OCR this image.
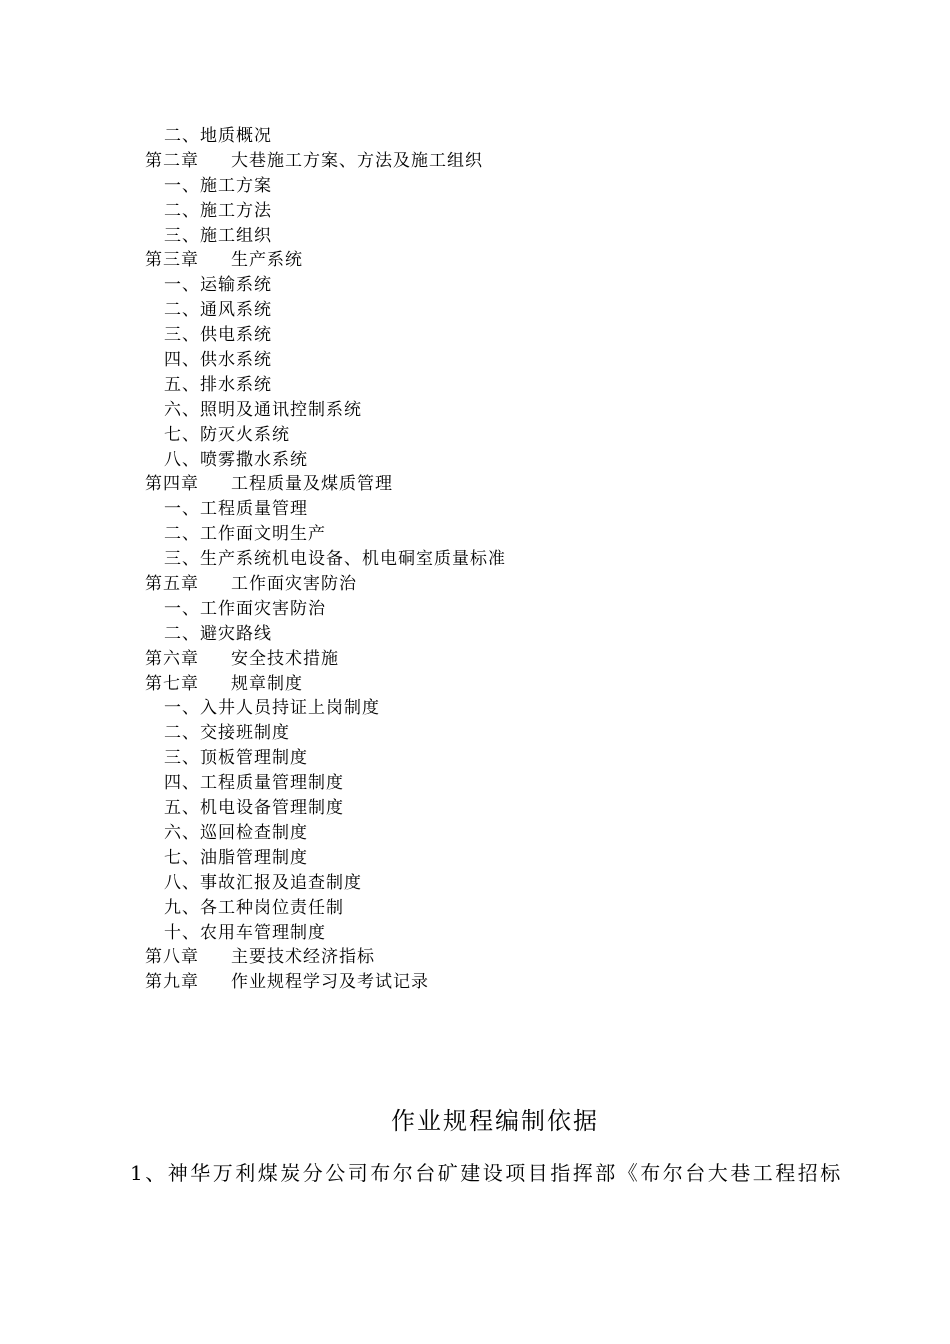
二、地质概况
第二章 大巷施工方案、方法及施工组织
一、施工方案
二、施工方法
三、施工组织
第三章 生产系统
一、运输系统
二、通风系统
三、供电系统
四、供水系统
五、排水系统
六、照明及通讯控制系统
七、防灭火系统
八、喷雾撒水系统
第四章 工程质量及煤质管理
一、工程质量管理
二、工作面文明生产
三、生产系统机电设备、机电硐室质量标准
第五章 工作面灾害防治
一、工作面灾害防治
二、避灾路线
第六章 安全技术措施
第七章 规章制度
一、入井人员持证上岗制度
二、交接班制度
三、顶板管理制度
四、工程质量管理制度
五、机电设备管理制度
六、巡回检查制度
七、油脂管理制度
八、事故汇报及追查制度
九、各工种岗位责任制
十、农用车管理制度
第八章 主要技术经济指标
第九章 作业规程学习及考试记录
作业规程编制依据
1、神华万利煤炭分公司布尔台矿建设项目指挥部《布尔台大巷工程招标
